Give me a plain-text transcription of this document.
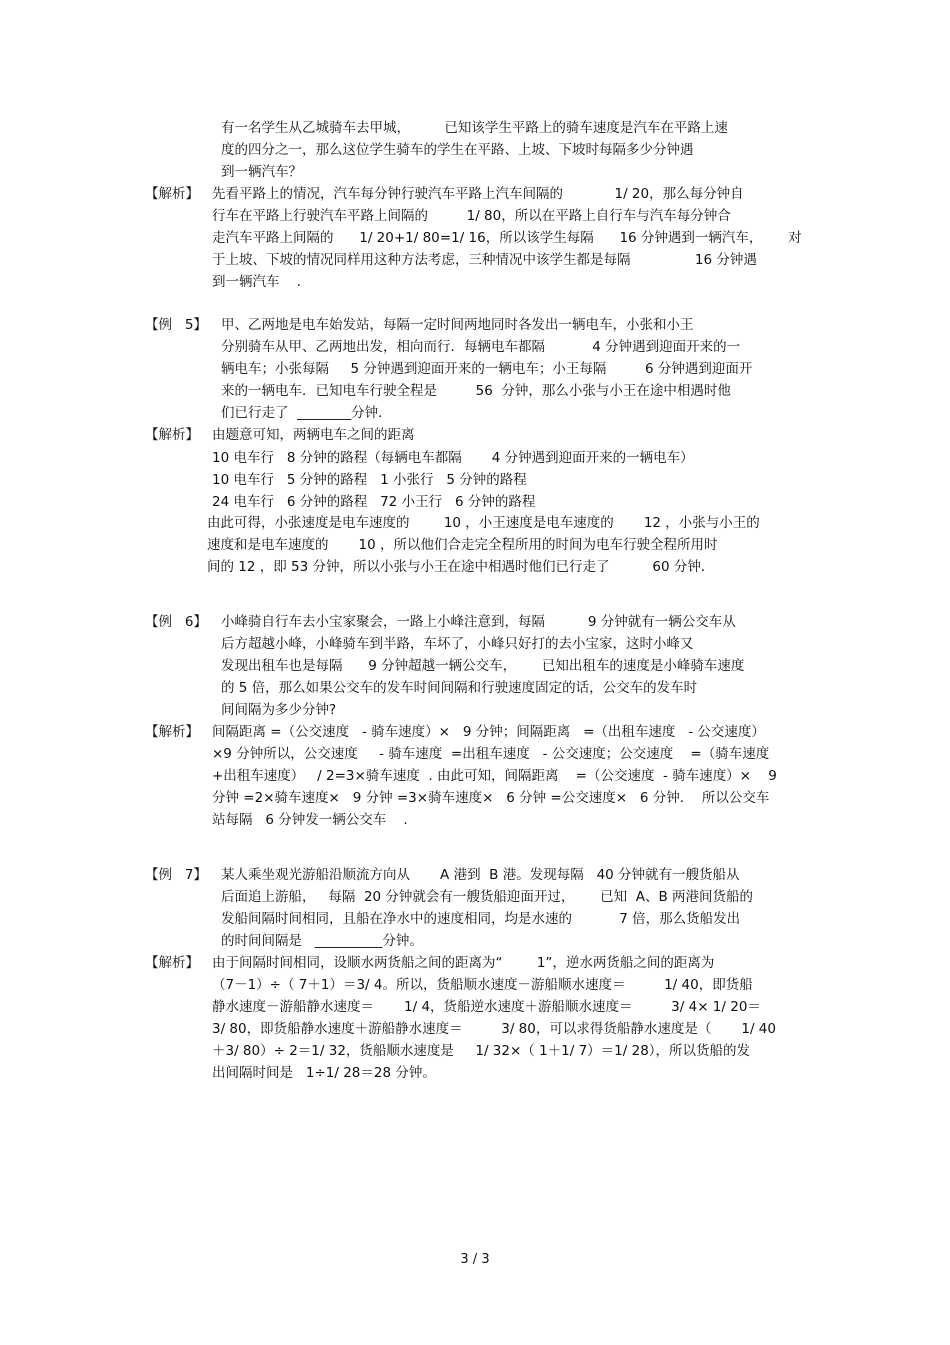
有一名学生从乙城骑车去甲城，        已知该学生平路上的骑车速度是汽车在平路上速
度的四分之一，那么这位学生骑车的学生在平路、上坡、下坡时每隔多少分钟遇
到一辆汽车？
【解析】 先看平路上的情况，汽车每分钟行驶汽车平路上汽车间隔的            1/ 20，那么每分钟自
行车在平路上行驶汽车平路上间隔的         1/ 80，所以在平路上自行车与汽车每分钟合
走汽车平路上间隔的      1/ 20+1/ 80=1/ 16，所以该学生每隔      16 分钟遇到一辆汽车，      对
于上坡、下坡的情况同样用这种方法考虑，三种情况中该学生都是每隔               16 分钟遇
到一辆汽车    .
【例   5】 甲、乙两地是电车始发站，每隔一定时间两地同时各发出一辆电车，小张和小王
分别骑车从甲、乙两地出发，相向而行．每辆电车都隔           4 分钟遇到迎面开来的一
辆电车；小张每隔     5 分钟遇到迎面开来的一辆电车；小王每隔         6 分钟遇到迎面开
来的一辆电车．已知电车行驶全程是         56  分钟，那么小张与小王在途中相遇时他
们已行走了  ________分钟．
【解析】 由题意可知，两辆电车之间的距离
10 电车行   8 分钟的路程（每辆电车都隔       4 分钟遇到迎面开来的一辆电车）
10 电车行   5 分钟的路程   1 小张行   5 分钟的路程
24 电车行   6 分钟的路程   72 小王行   6 分钟的路程
由此可得，小张速度是电车速度的        10 ，小王速度是电车速度的       12 ，小张与小王的
速度和是电车速度的       10 ，所以他们合走完全程所用的时间为电车行驶全程所用时
间的 12 ，即 53 分钟，所以小张与小王在途中相遇时他们已行走了          60 分钟．
【例   6】 小峰骑自行车去小宝家聚会，一路上小峰注意到，每隔          9 分钟就有一辆公交车从
后方超越小峰，小峰骑车到半路，车坏了，小峰只好打的去小宝家，这时小峰又
发现出租车也是每隔      9 分钟超越一辆公交车，      已知出租车的速度是小峰骑车速度
的 5 倍，那么如果公交车的发车时间间隔和行驶速度固定的话，公交车的发车时
间间隔为多少分钟?
【解析】 间隔距离 =（公交速度   - 骑车速度）×   9 分钟；间隔距离   =（出租车速度   - 公交速度）
×9 分钟所以，公交速度     - 骑车速度  =出租车速度   - 公交速度；公交速度    =（骑车速度
+出租车速度）   / 2=3×骑车速度  . 由此可知，间隔距离    =（公交速度  - 骑车速度）×    9
分钟 =2×骑车速度×   9 分钟 =3×骑车速度×   6 分钟 =公交速度×   6 分钟．  所以公交车
站每隔   6 分钟发一辆公交车    .
【例   7】 某人乘坐观光游船沿顺流方向从       A 港到  B 港。发现每隔   40 分钟就有一艘货船从
后面追上游船，   每隔  20 分钟就会有一艘货船迎面开过，      已知  A、B 两港间货船的
发船间隔时间相同，且船在净水中的速度相同，均是水速的           7 倍，那么货船发出
的时间间隔是   __________分钟。
【解析】 由于间隔时间相同，设顺水两货船之间的距离为“        1”，逆水两货船之间的距离为
（7－1）÷（ 7＋1）＝3/ 4。所以，货船顺水速度－游船顺水速度＝         1/ 40，即货船
静水速度－游船静水速度＝       1/ 4，货船逆水速度＋游船顺水速度＝         3/ 4× 1/ 20＝
3/ 80，即货船静水速度＋游船静水速度＝         3/ 80，可以求得货船静水速度是（       1/ 40
＋3/ 80）÷ 2＝1/ 32，货船顺水速度是     1/ 32×（ 1＋1/ 7）＝1/ 28），所以货船的发
出间隔时间是   1÷1/ 28＝28 分钟。
3 / 3
